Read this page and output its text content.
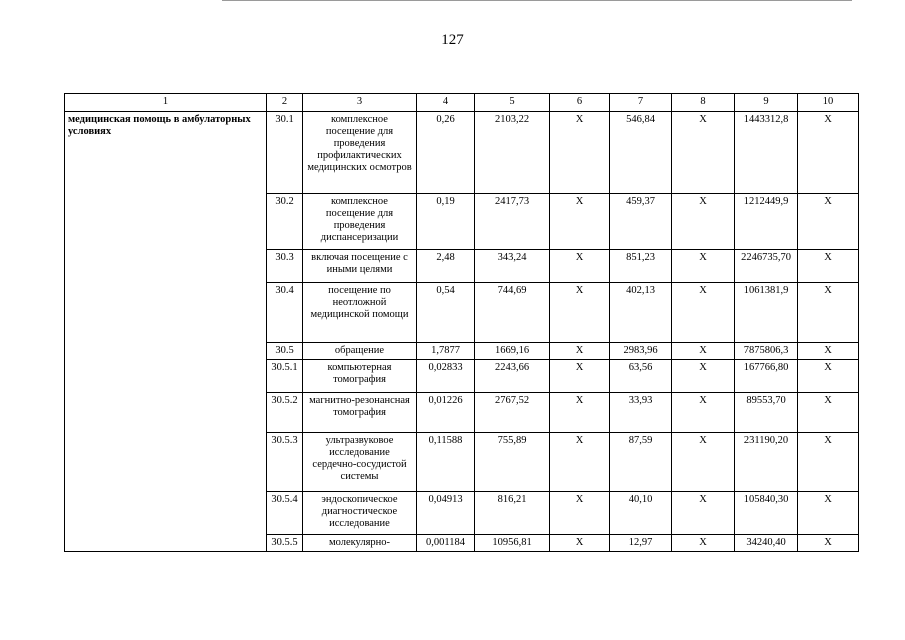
127
1	2	3	4	5	6	7	8	9	10
медицинская помощь в амбулаторных условиях	30.1	комплексное посещение для проведения профилактических медицинских осмотров	0,26	2103,22	X	546,84	X	1443312,8	X
	30.2	комплексное посещение для проведения диспансеризации	0,19	2417,73	X	459,37	X	1212449,9	X
	30.3	включая посещение с иными целями	2,48	343,24	X	851,23	X	2246735,70	X
	30.4	посещение по неотложной медицинской помощи	0,54	744,69	X	402,13	X	1061381,9	X
	30.5	обращение	1,7877	1669,16	X	2983,96	X	7875806,3	X
	30.5.1	компьютерная томография	0,02833	2243,66	X	63,56	X	167766,80	X
	30.5.2	магнитно-резонансная томография	0,01226	2767,52	X	33,93	X	89553,70	X
	30.5.3	ультразвуковое исследование сердечно-сосудистой системы	0,11588	755,89	X	87,59	X	231190,20	X
	30.5.4	эндоскопическое диагностическое исследование	0,04913	816,21	X	40,10	X	105840,30	X
	30.5.5	молекулярно-	0,001184	10956,81	X	12,97	X	34240,40	X
